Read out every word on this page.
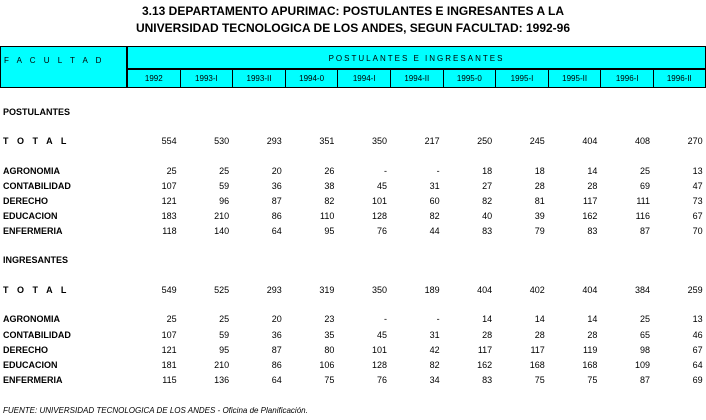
3.13 DEPARTAMENTO APURIMAC: POSTULANTES E INGRESANTES A LA
UNIVERSIDAD TECNOLOGICA DE LOS ANDES, SEGUN FACULTAD: 1992-96
F A C U L T A D	POSTULANTES E INGRESANTES
1992	1993-I	1993-II	1994-0	1994-I	1994-II	1995-0	1995-I	1995-II	1996-I	1996-II
POSTULANTES
T O T A L	554	530	293	351	350	217	250	245	404	408	270
AGRONOMIA	25	25	20	26	-	-	18	18	14	25	13
CONTABILIDAD	107	59	36	38	45	31	27	28	28	69	47
DERECHO	121	96	87	82	101	60	82	81	117	111	73
EDUCACION	183	210	86	110	128	82	40	39	162	116	67
ENFERMERIA	118	140	64	95	76	44	83	79	83	87	70
INGRESANTES
T O T A L	549	525	293	319	350	189	404	402	404	384	259
AGRONOMIA	25	25	20	23	-	-	14	14	14	25	13
CONTABILIDAD	107	59	36	35	45	31	28	28	28	65	46
DERECHO	121	95	87	80	101	42	117	117	119	98	67
EDUCACION	181	210	86	106	128	82	162	168	168	109	64
ENFERMERIA	115	136	64	75	76	34	83	75	75	87	69
FUENTE: UNIVERSIDAD TECNOLOGICA DE LOS ANDES - Oficina de Planificación.
